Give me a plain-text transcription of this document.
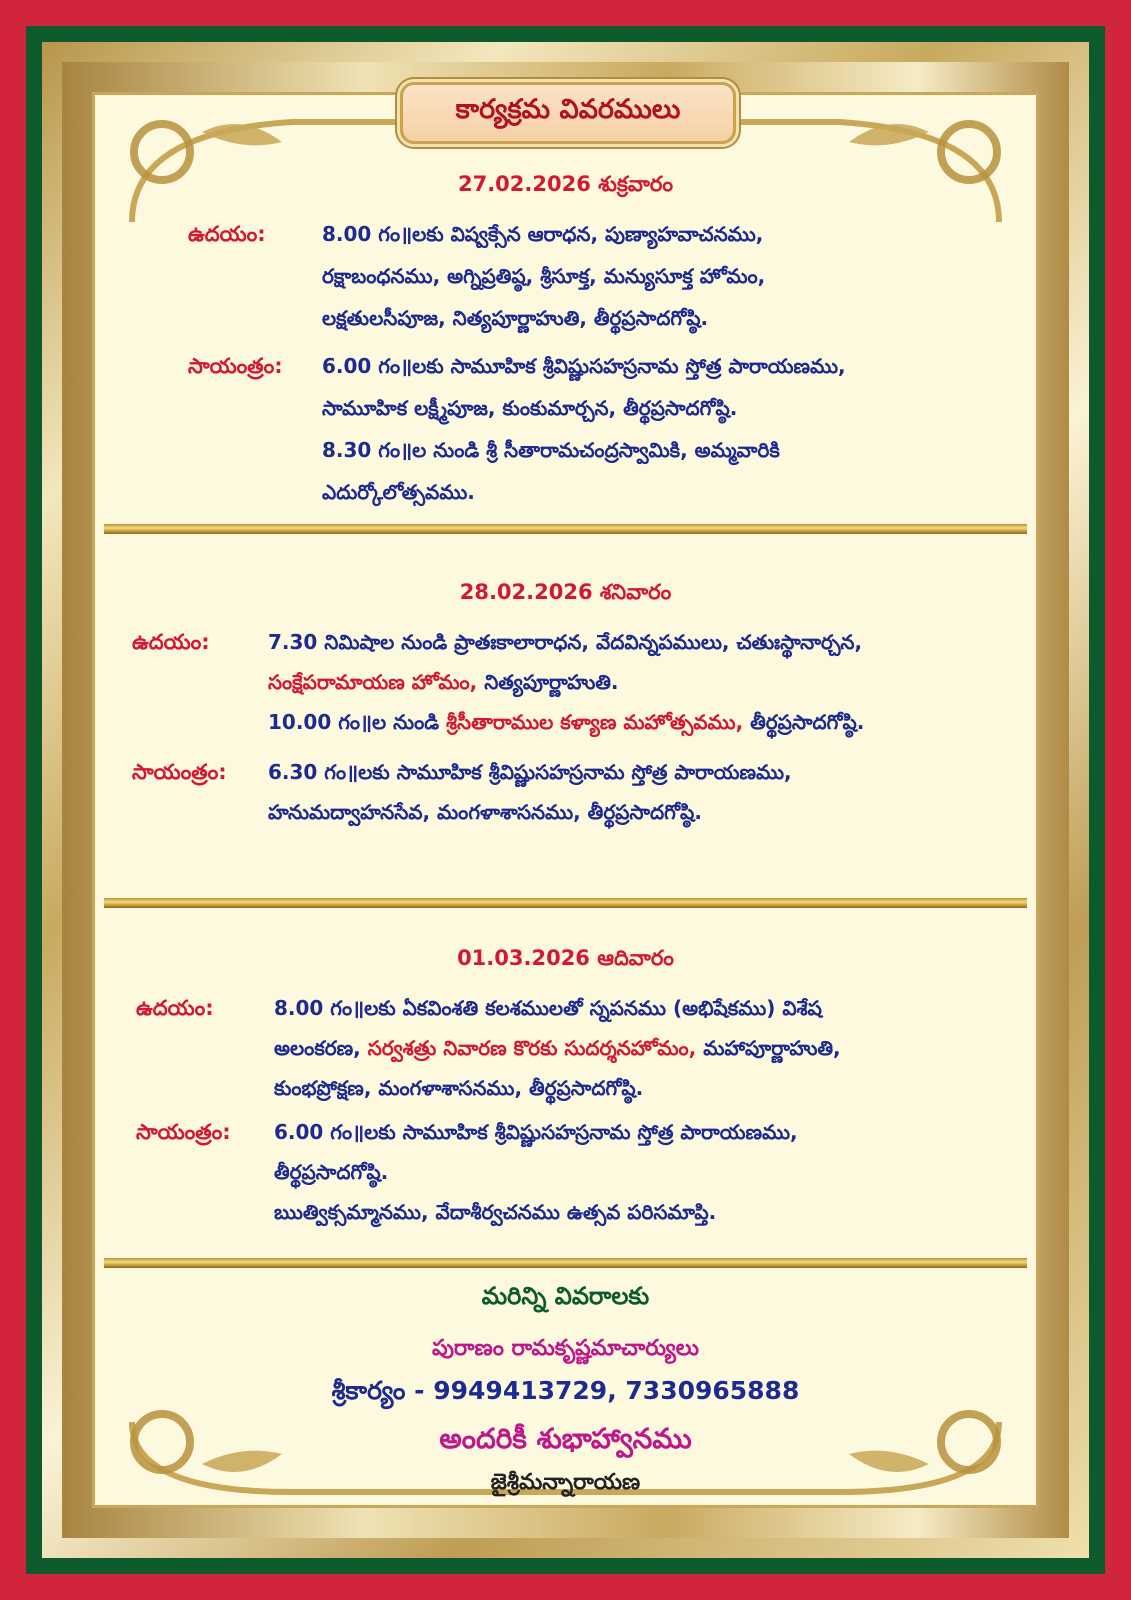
కార్యక్రమ వివరములు
27.02.2026 శుక్రవారం
ఉదయం:	8.00 గం॥లకు విష్వక్సేన ఆరాధన, పుణ్యాహవాచనము,
రక్షాబంధనము, అగ్నిప్రతిష్ఠ, శ్రీసూక్త, మన్యుసూక్త హోమం,
లక్షతులసీపూజ, నిత్యపూర్ణాహుతి, తీర్థప్రసాదగోష్ఠి.
సాయంత్రం: 6.00 గం॥లకు సామూహిక శ్రీవిష్ణుసహస్రనామ స్తోత్ర పారాయణము,
సామూహిక లక్ష్మీపూజ, కుంకుమార్చన, తీర్థప్రసాదగోష్ఠి.
8.30 గం॥ల నుండి శ్రీ సీతారామచంద్రస్వామికి, అమ్మవారికి
ఎదుర్కోలోత్సవము.
28.02.2026 శనివారం
ఉదయం:	7.30 నిమిషాల నుండి ప్రాతఃకాలారాధన, వేదవిన్నపములు, చతుఃస్థానార్చన,
సంక్షేపరామాయణ హోమం, నిత్యపూర్ణాహుతి.
10.00 గం॥ల నుండి శ్రీసీతారాముల కళ్యాణ మహోత్సవము, తీర్థప్రసాదగోష్ఠి.
సాయంత్రం: 6.30 గం॥లకు సామూహిక శ్రీవిష్ణుసహస్రనామ స్తోత్ర పారాయణము,
హనుమద్వాహనసేవ, మంగళాశాసనము, తీర్థప్రసాదగోష్ఠి.
01.03.2026 ఆదివారం
ఉదయం:	8.00 గం॥లకు ఏకవింశతి కలశములతో స్నపనము (అభిషేకము) విశేష
అలంకరణ, సర్వశత్రు నివారణ కొరకు సుదర్శనహోమం, మహాపూర్ణాహుతి,
కుంభప్రోక్షణ, మంగళాశాసనము, తీర్థప్రసాదగోష్ఠి.
సాయంత్రం: 6.00 గం॥లకు సామూహిక శ్రీవిష్ణుసహస్రనామ స్తోత్ర పారాయణము,
తీర్థప్రసాదగోష్ఠి.
ఋత్విక్సమ్మానము, వేదాశీర్వచనము ఉత్సవ పరిసమాప్తి.
మరిన్ని వివరాలకు
పురాణం రామకృష్ణమాచార్యులు
శ్రీకార్యం - 9949413729, 7330965888
అందరికీ శుభాహ్వానము
జైశ్రీమన్నారాయణ
